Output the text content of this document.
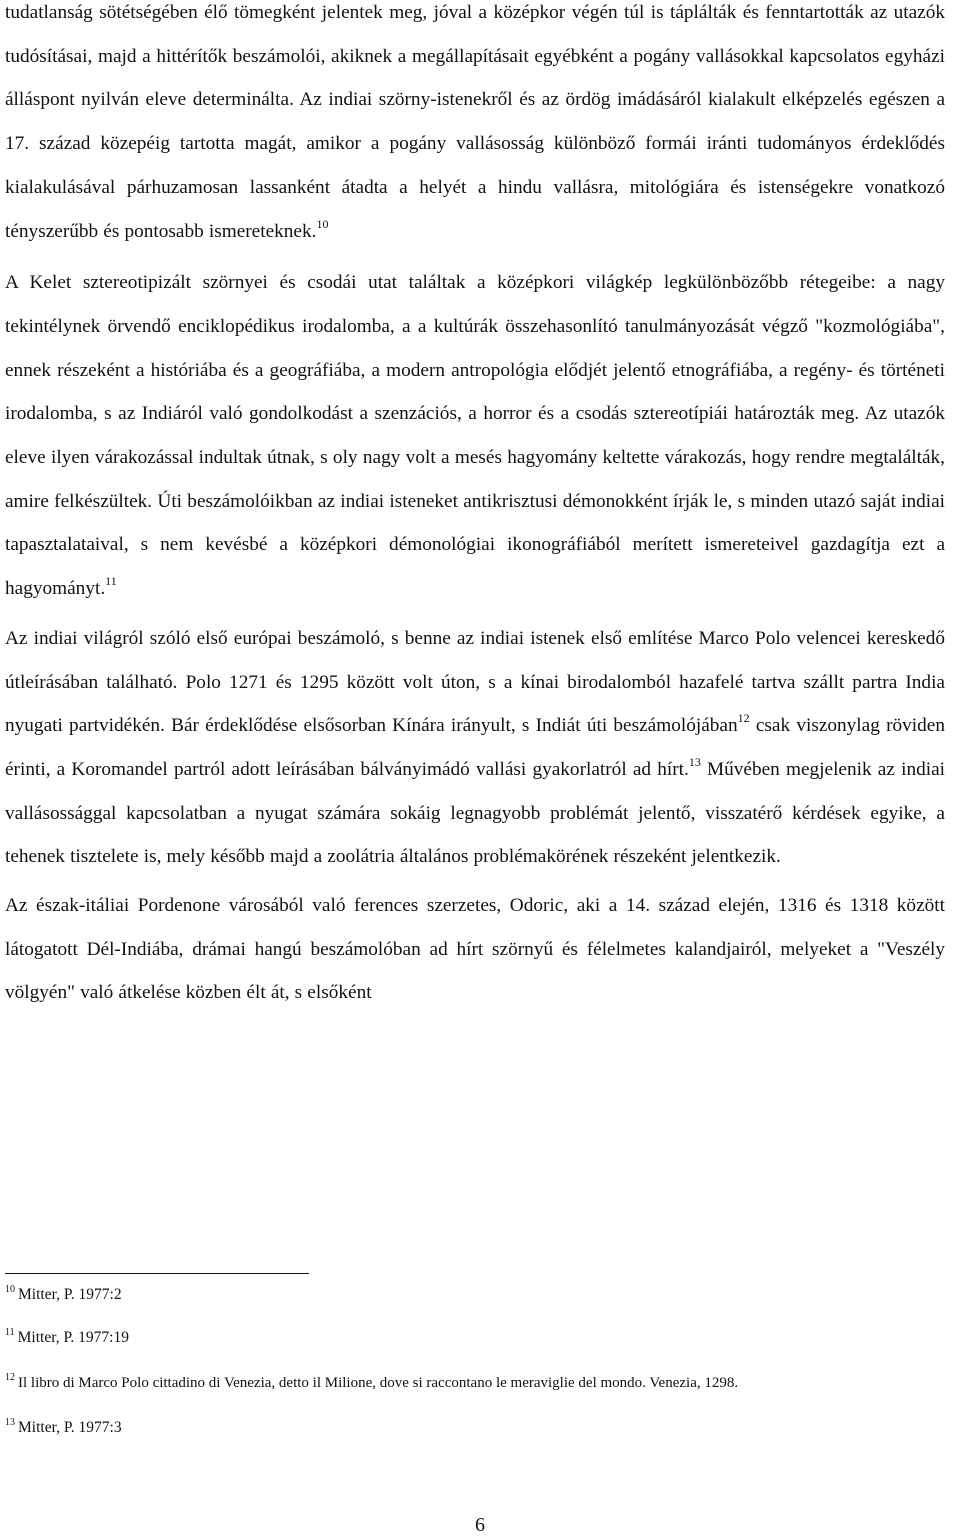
tudatlanság sötétségében élő tömegként jelentek meg, jóval a középkor végén túl is táplálták és fenntartották az utazók tudósításai, majd a hittérítők beszámolói, akiknek a megállapításait egyébként a pogány vallásokkal kapcsolatos egyházi álláspont nyilván eleve determinálta. Az indiai szörny-istenekről és az ördög imádásáról kialakult elképzelés egészen a 17. század közepéig tartotta magát, amikor a pogány vallásosság különböző formái iránti tudományos érdeklődés kialakulásával párhuzamosan lassanként átadta a helyét a hindu vallásra, mitológiára és istenségekre vonatkozó tényszerűbb és pontosabb ismereteknek.$^{10}$

A Kelet sztereotipizált szörnyei és csodái utat találtak a középkori világkép legkülönbözőbb rétegeibe: a nagy tekintélynek örvendő enciklopédikus irodalomba, a a kultúrák összehasonlító tanulmányozását végző "kozmológiába", ennek részeként a históriába és a geográfiába, a modern antropológia elődjét jelentő etnográfiába, a regény- és történeti irodalomba, s az Indiáról való gondolkodást a szenzációs, a horror és a csodás sztereotípiái határozták meg. Az utazók eleve ilyen várakozással indultak útnak, s oly nagy volt a mesés hagyomány keltette várakozás, hogy rendre megtalálták, amire felkészültek. Úti beszámolóikban az indiai isteneket antikrisztusi démonokként írják le, s minden utazó saját indiai tapasztalataival, s nem kevésbé a középkori démonológiai ikonográfiából merített ismereteivel gazdagítja ezt a hagyományt.$^{11}$

Az indiai világról szóló első európai beszámoló, s benne az indiai istenek első említése Marco Polo velencei kereskedő útleírásában található. Polo 1271 és 1295 között volt úton, s a kínai birodalomból hazafelé tartva szállt partra India nyugati partvidékén. Bár érdeklődése elsősorban Kínára irányult, s Indiát úti beszámolójában$^{12}$ csak viszonylag röviden érinti, a Koromandel partról adott leírásában bálványimádó vallási gyakorlatról ad hírt.$^{13}$ Művében megjelenik az indiai vallásossággal kapcsolatban a nyugat számára sokáig legnagyobb problémát jelentő, visszatérő kérdések egyike, a tehenek tisztelete is, mely később majd a zoolátria általános problémakörének részeként jelentkezik.

Az észak-itáliai Pordenone városából való ferences szerzetes, Odoric, aki a 14. század elején, 1316 és 1318 között látogatott Dél-Indiába, drámai hangú beszámolóban ad hírt szörnyű és félelmetes kalandjairól, melyeket a "Veszély völgyén" való átkelése közben élt át, s elsőként

$^{10}$ Mitter, P. 1977:2

$^{11}$ Mitter, P. 1977:19

$^{12}$ Il libro di Marco Polo cittadino di Venezia, detto il Milione, dove si raccontano le meraviglie del mondo. Venezia, 1298.

$^{13}$ Mitter, P. 1977:3

6
